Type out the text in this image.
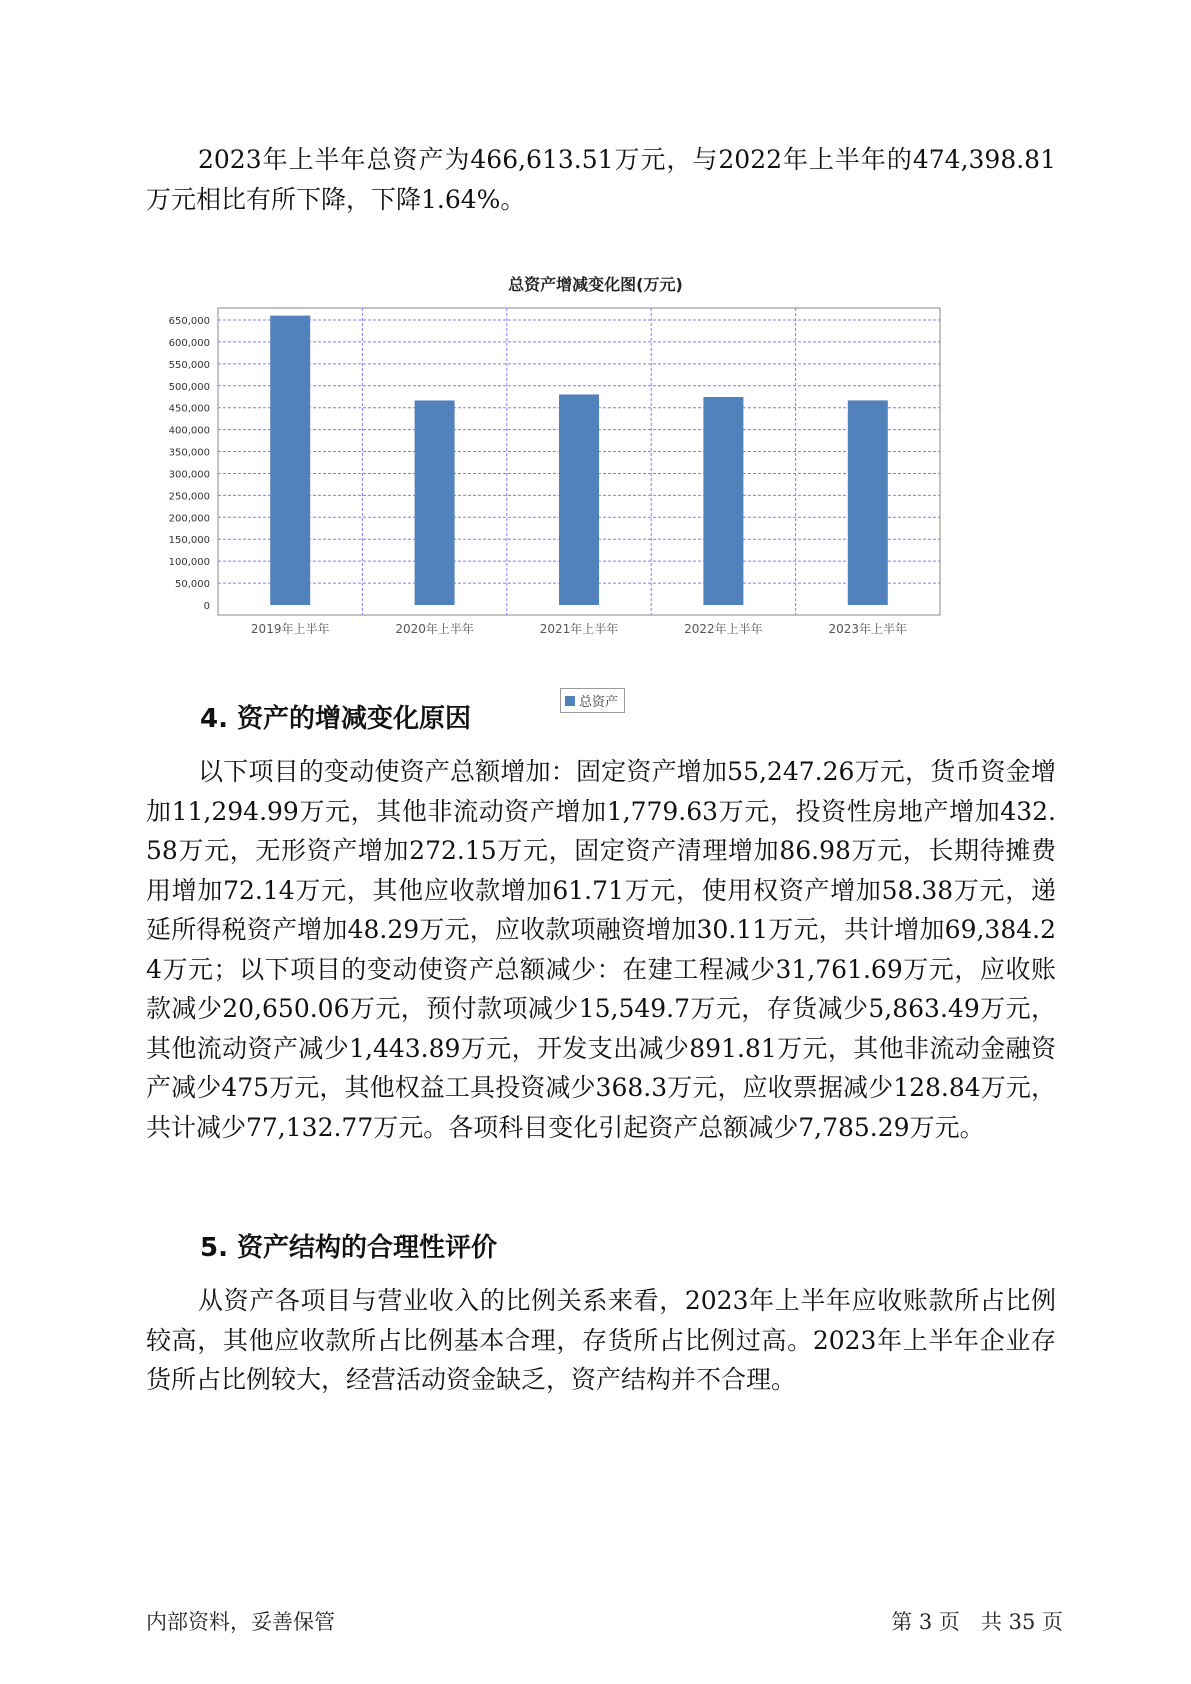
2023年上半年总资产为466,613.51万元，与2022年上半年的474,398.81万元相比有所下降，下降1.64%。

总资产增减变化图(万元)
0
50,000
100,000
150,000
200,000
250,000
300,000
350,000
400,000
450,000
500,000
550,000
600,000
650,000
2019年上半年	2020年上半年	2021年上半年	2022年上半年	2023年上半年
总资产
4. 资产的增减变化原因

以下项目的变动使资产总额增加：固定资产增加55,247.26万元，货币资金增加11,294.99万元，其他非流动资产增加1,779.63万元，投资性房地产增加432.58万元，无形资产增加272.15万元，固定资产清理增加86.98万元，长期待摊费用增加72.14万元，其他应收款增加61.71万元，使用权资产增加58.38万元，递延所得税资产增加48.29万元，应收款项融资增加30.11万元，共计增加69,384.24万元；以下项目的变动使资产总额减少：在建工程减少31,761.69万元，应收账款减少20,650.06万元，预付款项减少15,549.7万元，存货减少5,863.49万元，其他流动资产减少1,443.89万元，开发支出减少891.81万元，其他非流动金融资产减少475万元，其他权益工具投资减少368.3万元，应收票据减少128.84万元，共计减少77,132.77万元。各项科目变化引起资产总额减少7,785.29万元。

5. 资产结构的合理性评价

从资产各项目与营业收入的比例关系来看，2023年上半年应收账款所占比例较高，其他应收款所占比例基本合理，存货所占比例过高。2023年上半年企业存货所占比例较大，经营活动资金缺乏，资产结构并不合理。

内部资料，妥善保管	第 3 页　共 35 页
